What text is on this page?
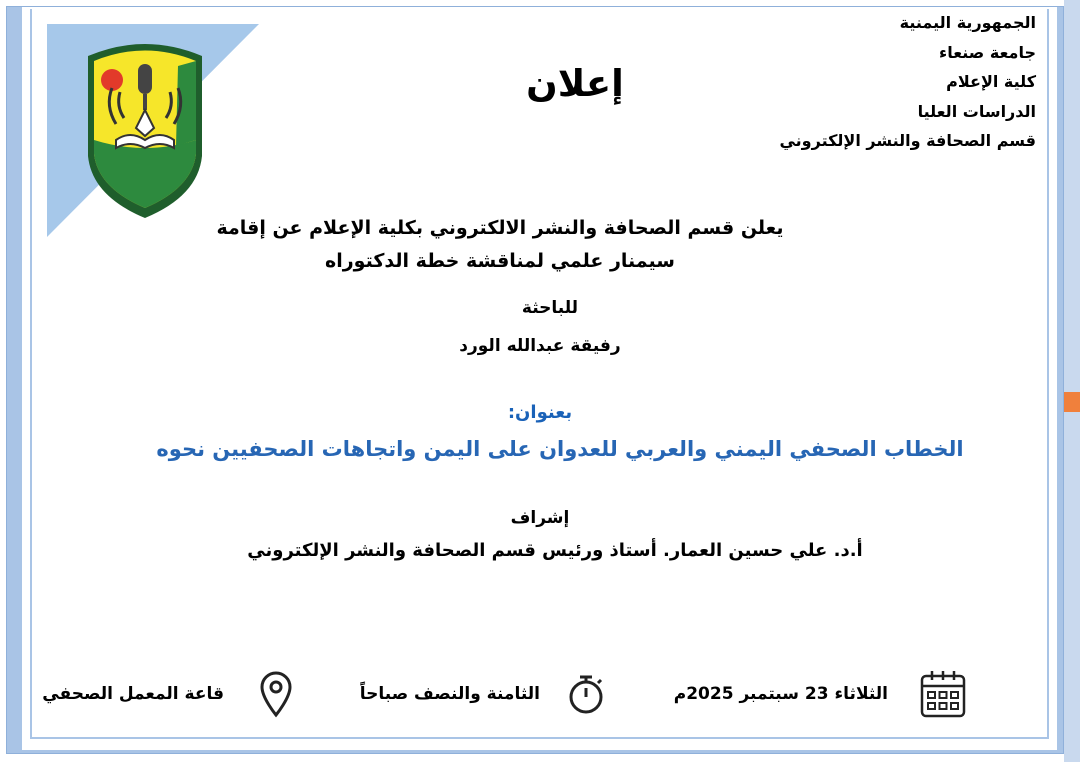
الجمهورية اليمنية
جامعة صنعاء
كلية الإعلام
الدراسات العليا
قسم الصحافة والنشر الإلكتروني
إعلان
يعلن قسم الصحافة والنشر الالكتروني بكلية الإعلام عن إقامة
سيمنار علمي لمناقشة خطة الدكتوراه
للباحثة
رفيقة عبدالله الورد
بعنوان:
الخطاب الصحفي اليمني والعربي للعدوان على اليمن واتجاهات الصحفيين نحوه
إشراف
أ.د. علي حسين العمار. أستاذ ورئيس قسم الصحافة والنشر الإلكتروني
الثلاثاء 23 سبتمبر 2025م
الثامنة والنصف صباحاً
قاعة المعمل الصحفي
